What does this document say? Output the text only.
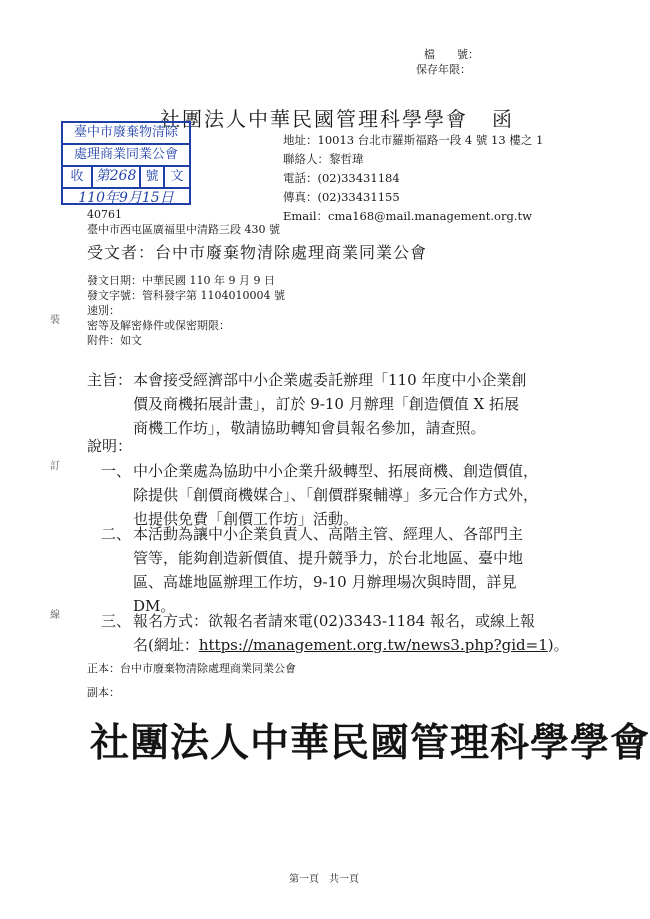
檔　　號：
保存年限：
社團法人中華民國管理科學學會 函
臺中市廢棄物清除
處理商業同業公會
收 第268 號 文
110年9月15日
地址：10013 台北市羅斯福路一段 4 號 13 樓之 1
聯絡人：黎哲瑋
電話：(02)33431184
傳真：(02)33431155
Email：cma168@mail.management.org.tw
40761
臺中市西屯區廣福里中清路三段 430 號
受文者：台中市廢棄物清除處理商業同業公會
發文日期：中華民國 110 年 9 月 9 日
發文字號：管科發字第 1104010004 號
速別：
密等及解密條件或保密期限：
附件：如文
主旨： 本會接受經濟部中小企業處委託辦理「110 年度中小企業創
價及商機拓展計畫」，訂於 9-10 月辦理「創造價值 X 拓展
商機工作坊」，敬請協助轉知會員報名參加，請查照。
說明：
一、 中小企業處為協助中小企業升級轉型、拓展商機、創造價值，
除提供「創價商機媒合」、「創價群聚輔導」多元合作方式外，
也提供免費「創價工作坊」活動。
二、 本活動為讓中小企業負責人、高階主管、經理人、各部門主
管等，能夠創造新價值、提升競爭力，於台北地區、臺中地
區、高雄地區辦理工作坊，9-10 月辦理場次與時間，詳見
DM。
三、 報名方式：欲報名者請來電(02)3343-1184 報名，或線上報
名(網址：https://management.org.tw/news3.php?gid=1)。
正本：台中市廢棄物清除處理商業同業公會
副本：
社團法人中華民國管理科學學會
裝
訂
線
第一頁　共一頁
